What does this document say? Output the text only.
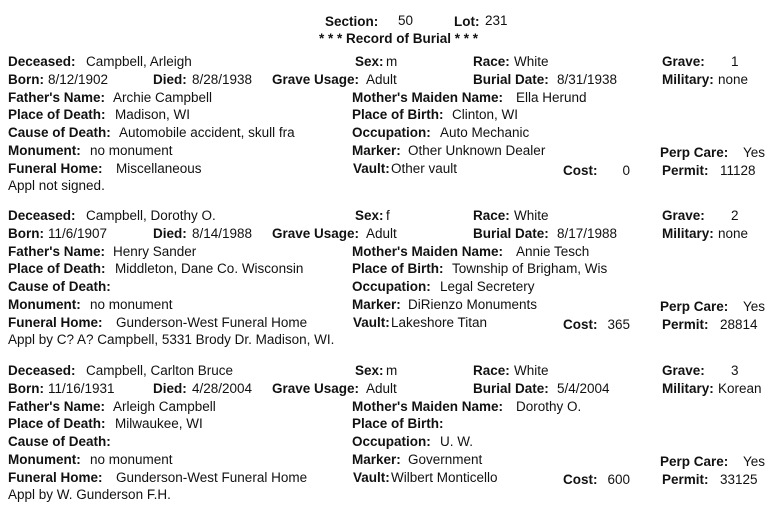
Section: 50	Lot: 231
* * * Record of Burial * * *
Deceased: Campbell, Arleigh	Sex: m	Race: White	Grave: 1
Born: 8/12/1902	Died: 8/28/1938 Grave Usage: Adult	Burial Date: 8/31/1938	Military: none
Father's Name: Archie Campbell	Mother's Maiden Name: Ella Herund
Place of Death: Madison, WI	Place of Birth: Clinton, WI
Cause of Death: Automobile accident, skull fra	Occupation: Auto Mechanic
Monument: no monument	Marker: Other Unknown Dealer	Perp Care: Yes
Funeral Home: Miscellaneous	Vault: Other vault	Cost:	0 Permit: 11128
Appl not signed.
Deceased: Campbell, Dorothy O.	Sex: f	Race: White	Grave: 2
Born: 11/6/1907	Died: 8/14/1988 Grave Usage: Adult	Burial Date: 8/17/1988	Military: none
Father's Name: Henry Sander	Mother's Maiden Name: Annie Tesch
Place of Death: Middleton, Dane Co. Wisconsin	Place of Birth: Township of Brigham, Wis
Cause of Death:	Occupation: Legal Secretery
Monument: no monument	Marker: DiRienzo Monuments	Perp Care: Yes
Funeral Home: Gunderson-West Funeral Home	Vault: Lakeshore Titan	Cost: 365 Permit: 28814
Appl by C? A? Campbell, 5331 Brody Dr. Madison, WI.
Deceased: Campbell, Carlton Bruce	Sex: m	Race: White	Grave: 3
Born: 11/16/1931	Died: 4/28/2004 Grave Usage: Adult	Burial Date: 5/4/2004	Military: Korean
Father's Name: Arleigh Campbell	Mother's Maiden Name: Dorothy O.
Place of Death: Milwaukee, WI	Place of Birth:
Cause of Death:	Occupation: U. W.
Monument: no monument	Marker: Government	Perp Care: Yes
Funeral Home: Gunderson-West Funeral Home	Vault: Wilbert Monticello	Cost: 600 Permit: 33125
Appl by W. Gunderson F.H.
